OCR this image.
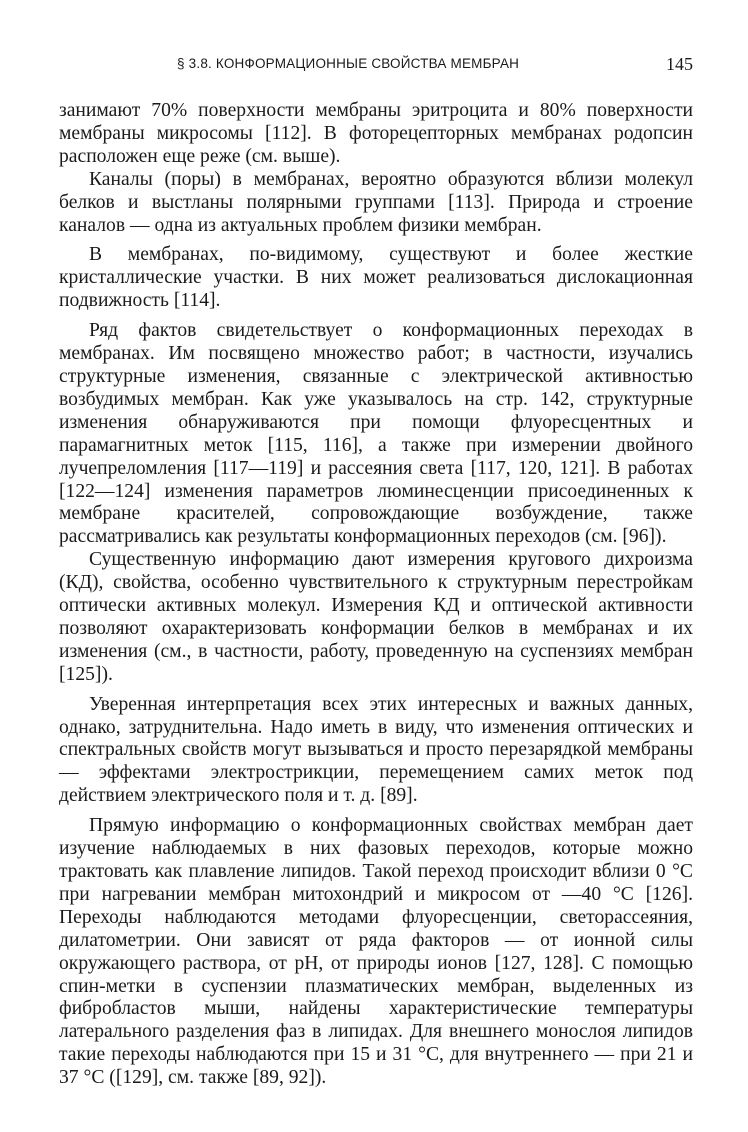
§ 3.8. КОНФОРМАЦИОННЫЕ СВОЙСТВА МЕМБРАН	145

занимают 70% поверхности мембраны эритроцита и 80% поверхности мембраны микросомы [112]. В фоторецепторных мембранах родопсин расположен еще реже (см. выше).

Каналы (поры) в мембранах, вероятно образуются вблизи молекул белков и выстланы полярными группами [113]. Природа и строение каналов — одна из актуальных проблем физики мембран.

В мембранах, по-видимому, существуют и более жесткие кристаллические участки. В них может реализоваться дислокационная подвижность [114].

Ряд фактов свидетельствует о конформационных переходах в мембранах. Им посвящено множество работ; в частности, изучались структурные изменения, связанные с электрической активностью возбудимых мембран. Как уже указывалось на стр. 142, структурные изменения обнаруживаются при помощи флуоресцентных и парамагнитных меток [115, 116], а также при измерении двойного лучепреломления [117—119] и рассеяния света [117, 120, 121]. В работах [122—124] изменения параметров люминесценции присоединенных к мембране красителей, сопровождающие возбуждение, также рассматривались как результаты конформационных переходов (см. [96]).

Существенную информацию дают измерения кругового дихроизма (КД), свойства, особенно чувствительного к структурным перестройкам оптически активных молекул. Измерения КД и оптической активности позволяют охарактеризовать конформации белков в мембранах и их изменения (см., в частности, работу, проведенную на суспензиях мембран [125]).

Уверенная интерпретация всех этих интересных и важных данных, однако, затруднительна. Надо иметь в виду, что изменения оптических и спектральных свойств могут вызываться и просто перезарядкой мембраны — эффектами электрострикции, перемещением самих меток под действием электрического поля и т. д. [89].

Прямую информацию о конформационных свойствах мембран дает изучение наблюдаемых в них фазовых переходов, которые можно трактовать как плавление липидов. Такой переход происходит вблизи 0 °C при нагревании мембран митохондрий и микросом от —40 °C [126]. Переходы наблюдаются методами флуоресценции, светорассеяния, дилатометрии. Они зависят от ряда факторов — от ионной силы окружающего раствора, от pH, от природы ионов [127, 128]. С помощью спин-метки в суспензии плазматических мембран, выделенных из фибробластов мыши, найдены характеристические температуры латерального разделения фаз в липидах. Для внешнего монослоя липидов такие переходы наблюдаются при 15 и 31 °C, для внутреннего — при 21 и 37 °C ([129], см. также [89, 92]).
